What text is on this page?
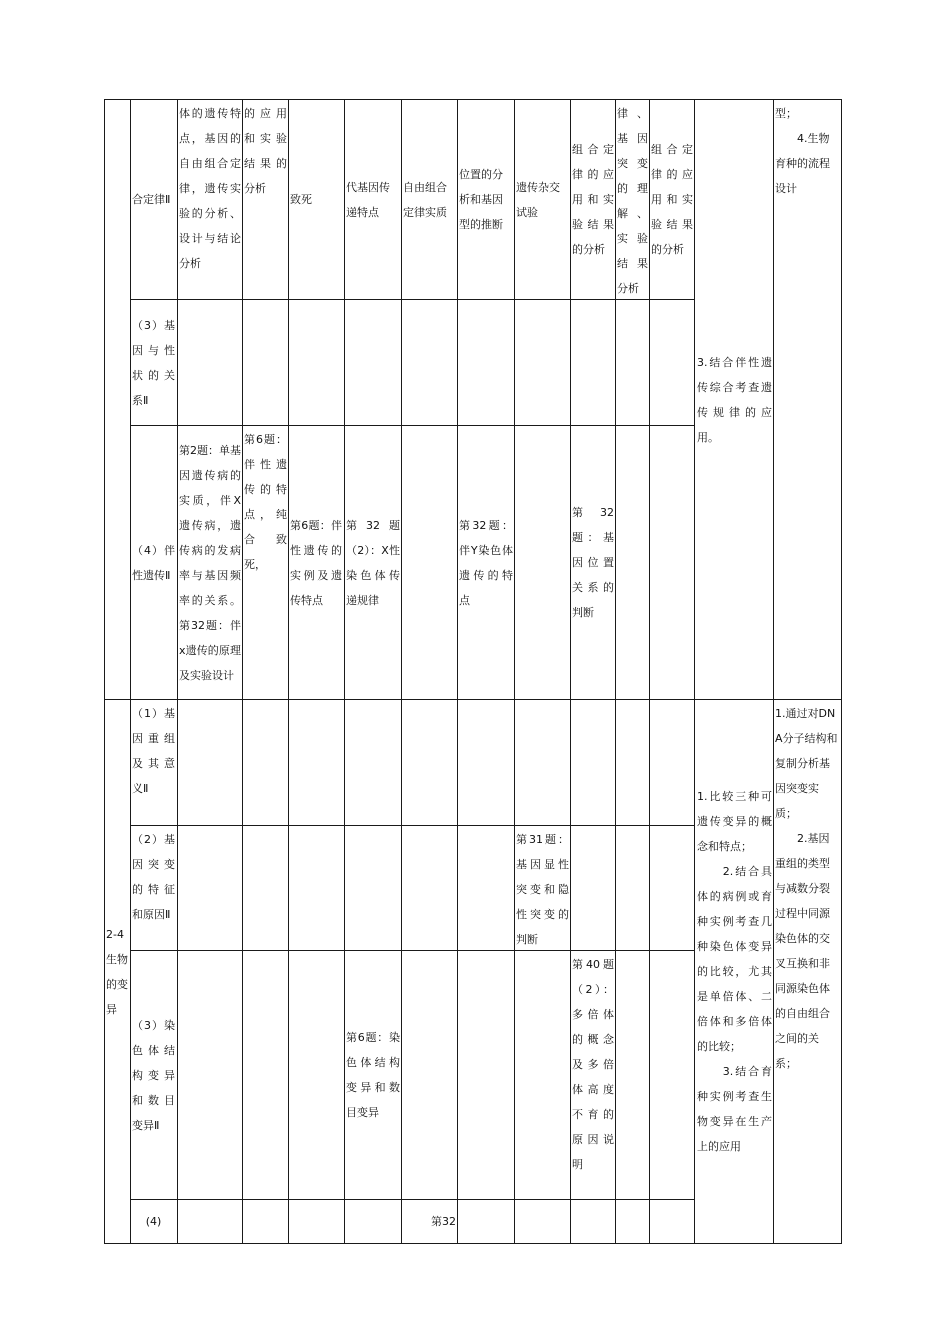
合定律Ⅱ
体的遗传特点，基因的自由组合定律，遗传实验的分析、设计与结论分析
的应用和实验结果的分析
致死
代基因传递特点
自由组合定律实质
位置的分析和基因型的推断
遗传杂交试验
组合定律的应用和实验结果的分析
律、基因突变的理解、实验结果分析
组合定律的应用和实验结果的分析
型；
　　4.生物育种的流程设计
（3）基因与性状的关系Ⅱ
（4）伴性遗传Ⅱ
第2题：单基因遗传病的实质，伴X遗传病，遗传病的发病率与基因频率的关系。第32题：伴x遗传的原理及实验设计
第6题：伴性遗传的特点，纯合致死，
第6题：伴性遗传的实例及遗传特点
第32题（2）：X性染色体传递规律
第32题：伴Y染色体遗传的特点
第32题：基因位置关系的判断
3.结合伴性遗传综合考查遗传规律的应用。
2-4 生物的变异
（1）基因重组及其意义Ⅱ
（2）基因突变的特征和原因Ⅱ
第31题：基因显性突变和隐性突变的判断
（3）染色体结构变异和数目变异Ⅱ
第6题：染色体结构变异和数目变异
第40题（2）：多倍体的概念及多倍体高度不育的原因说明
(4)	第32
1.比较三种可遗传变异的概念和特点；
　　2.结合具体的病例或育种实例考查几种染色体变异的比较，尤其是单倍体、二倍体和多倍体的比较；
　　3.结合育种实例考查生物变异在生产上的应用
1.通过对DNA分子结构和复制分析基因突变实质；
　　2.基因重组的类型与减数分裂过程中同源染色体的交叉互换和非同源染色体的自由组合之间的关系；
